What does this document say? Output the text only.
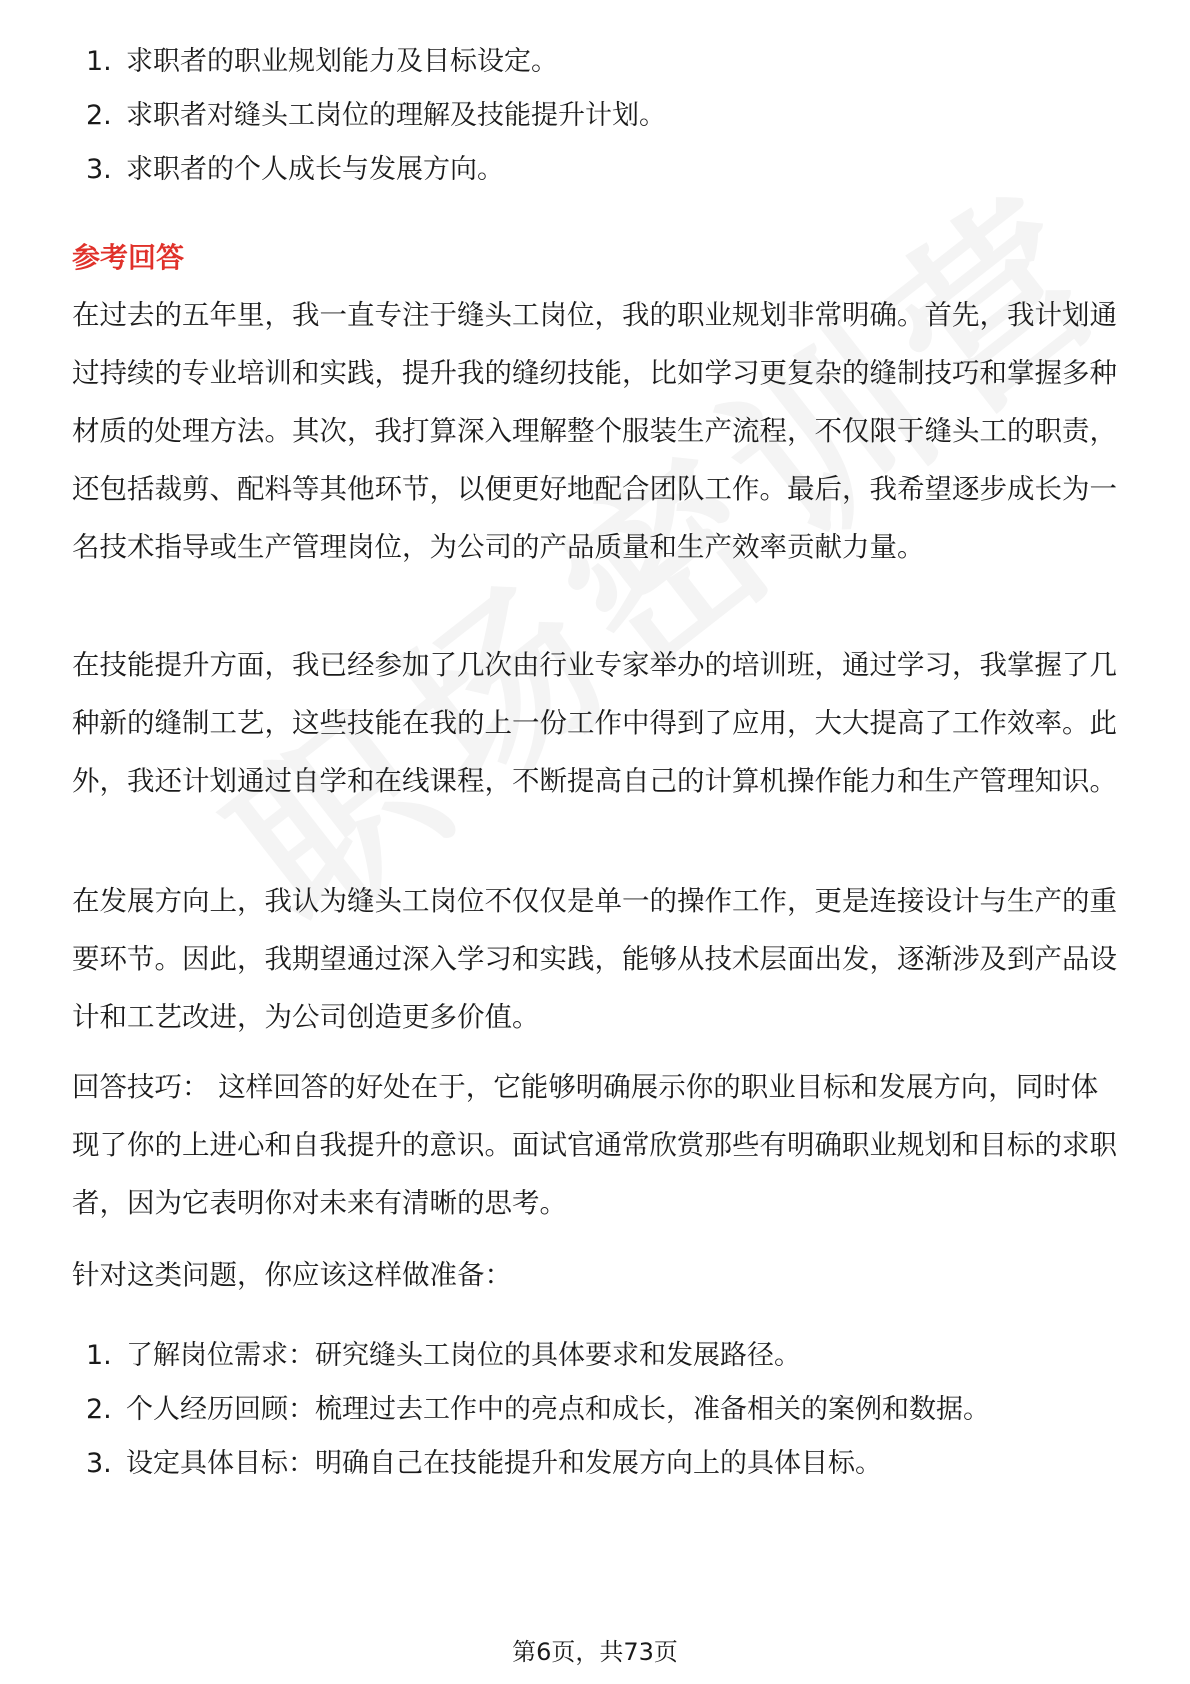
1. 求职者的职业规划能力及目标设定。
2. 求职者对缝头工岗位的理解及技能提升计划。
3. 求职者的个人成长与发展方向。
参考回答

在过去的五年里，我一直专注于缝头工岗位，我的职业规划非常明确。首先，我计划通过持续的专业培训和实践，提升我的缝纫技能，比如学习更复杂的缝制技巧和掌握多种材质的处理方法。其次，我打算深入理解整个服装生产流程，不仅限于缝头工的职责，还包括裁剪、配料等其他环节，以便更好地配合团队工作。最后，我希望逐步成长为一名技术指导或生产管理岗位，为公司的产品质量和生产效率贡献力量。

在技能提升方面，我已经参加了几次由行业专家举办的培训班，通过学习，我掌握了几种新的缝制工艺，这些技能在我的上一份工作中得到了应用，大大提高了工作效率。此外，我还计划通过自学和在线课程，不断提高自己的计算机操作能力和生产管理知识。

在发展方向上，我认为缝头工岗位不仅仅是单一的操作工作，更是连接设计与生产的重要环节。因此，我期望通过深入学习和实践，能够从技术层面出发，逐渐涉及到产品设计和工艺改进，为公司创造更多价值。

回答技巧： 这样回答的好处在于，它能够明确展示你的职业目标和发展方向，同时体现了你的上进心和自我提升的意识。面试官通常欣赏那些有明确职业规划和目标的求职者，因为它表明你对未来有清晰的思考。

针对这类问题，你应该这样做准备：

1. 了解岗位需求：研究缝头工岗位的具体要求和发展路径。
2. 个人经历回顾：梳理过去工作中的亮点和成长，准备相关的案例和数据。
3. 设定具体目标：明确自己在技能提升和发展方向上的具体目标。
第6页，共73页
